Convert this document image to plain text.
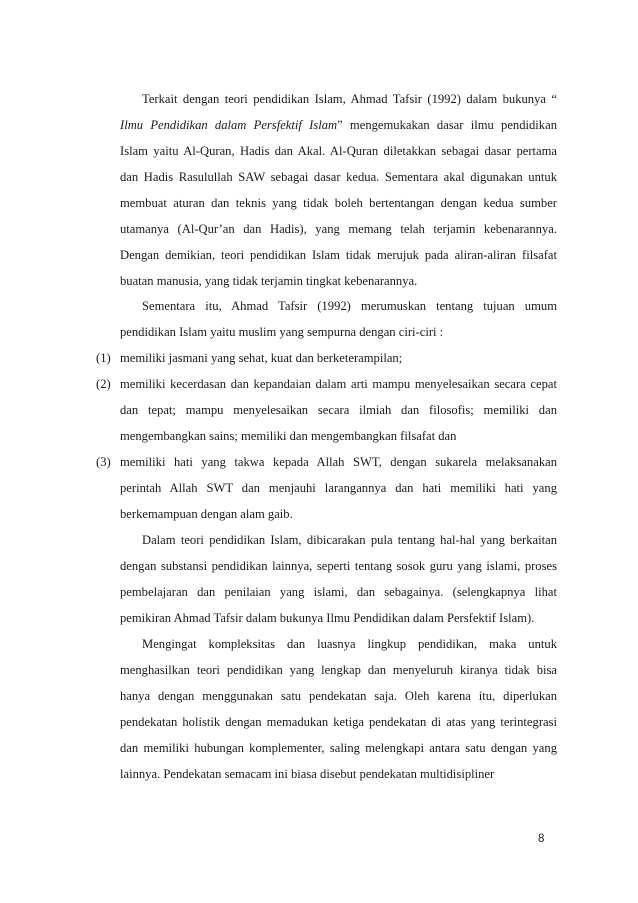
Terkait dengan teori pendidikan Islam, Ahmad Tafsir (1992) dalam bukunya “
Ilmu Pendidikan dalam Persfektif Islam” mengemukakan dasar ilmu pendidikan
Islam yaitu Al-Quran, Hadis dan Akal. Al-Quran diletakkan sebagai dasar pertama
dan Hadis Rasulullah SAW sebagai dasar kedua. Sementara akal digunakan untuk
membuat aturan dan teknis yang tidak boleh bertentangan dengan kedua sumber
utamanya (Al-Qur’an dan Hadis), yang memang telah terjamin kebenarannya.
Dengan demikian, teori pendidikan Islam tidak merujuk pada aliran-aliran filsafat
buatan manusia, yang tidak terjamin tingkat kebenarannya.
Sementara itu, Ahmad Tafsir (1992) merumuskan tentang tujuan umum
pendidikan Islam yaitu muslim yang sempurna dengan ciri-ciri :
(1) memiliki jasmani yang sehat, kuat dan berketerampilan;
(2) memiliki kecerdasan dan kepandaian dalam arti mampu menyelesaikan secara cepat
dan tepat; mampu menyelesaikan secara ilmiah dan filosofis; memiliki dan
mengembangkan sains; memiliki dan mengembangkan filsafat dan
(3) memiliki hati yang takwa kepada Allah SWT, dengan sukarela melaksanakan
perintah Allah SWT dan menjauhi larangannya dan hati memiliki hati yang
berkemampuan dengan alam gaib.
Dalam teori pendidikan Islam, dibicarakan pula tentang hal-hal yang berkaitan
dengan substansi pendidikan lainnya, seperti tentang sosok guru yang islami, proses
pembelajaran dan penilaian yang islami, dan sebagainya. (selengkapnya lihat
pemikiran Ahmad Tafsir dalam bukunya Ilmu Pendidikan dalam Persfektif Islam).
Mengingat kompleksitas dan luasnya lingkup pendidikan, maka untuk
menghasilkan teori pendidikan yang lengkap dan menyeluruh kiranya tidak bisa
hanya dengan menggunakan satu pendekatan saja. Oleh karena itu, diperlukan
pendekatan holistik dengan memadukan ketiga pendekatan di atas yang terintegrasi
dan memiliki hubungan komplementer, saling melengkapi antara satu dengan yang
lainnya. Pendekatan semacam ini biasa disebut pendekatan multidisipliner
8
